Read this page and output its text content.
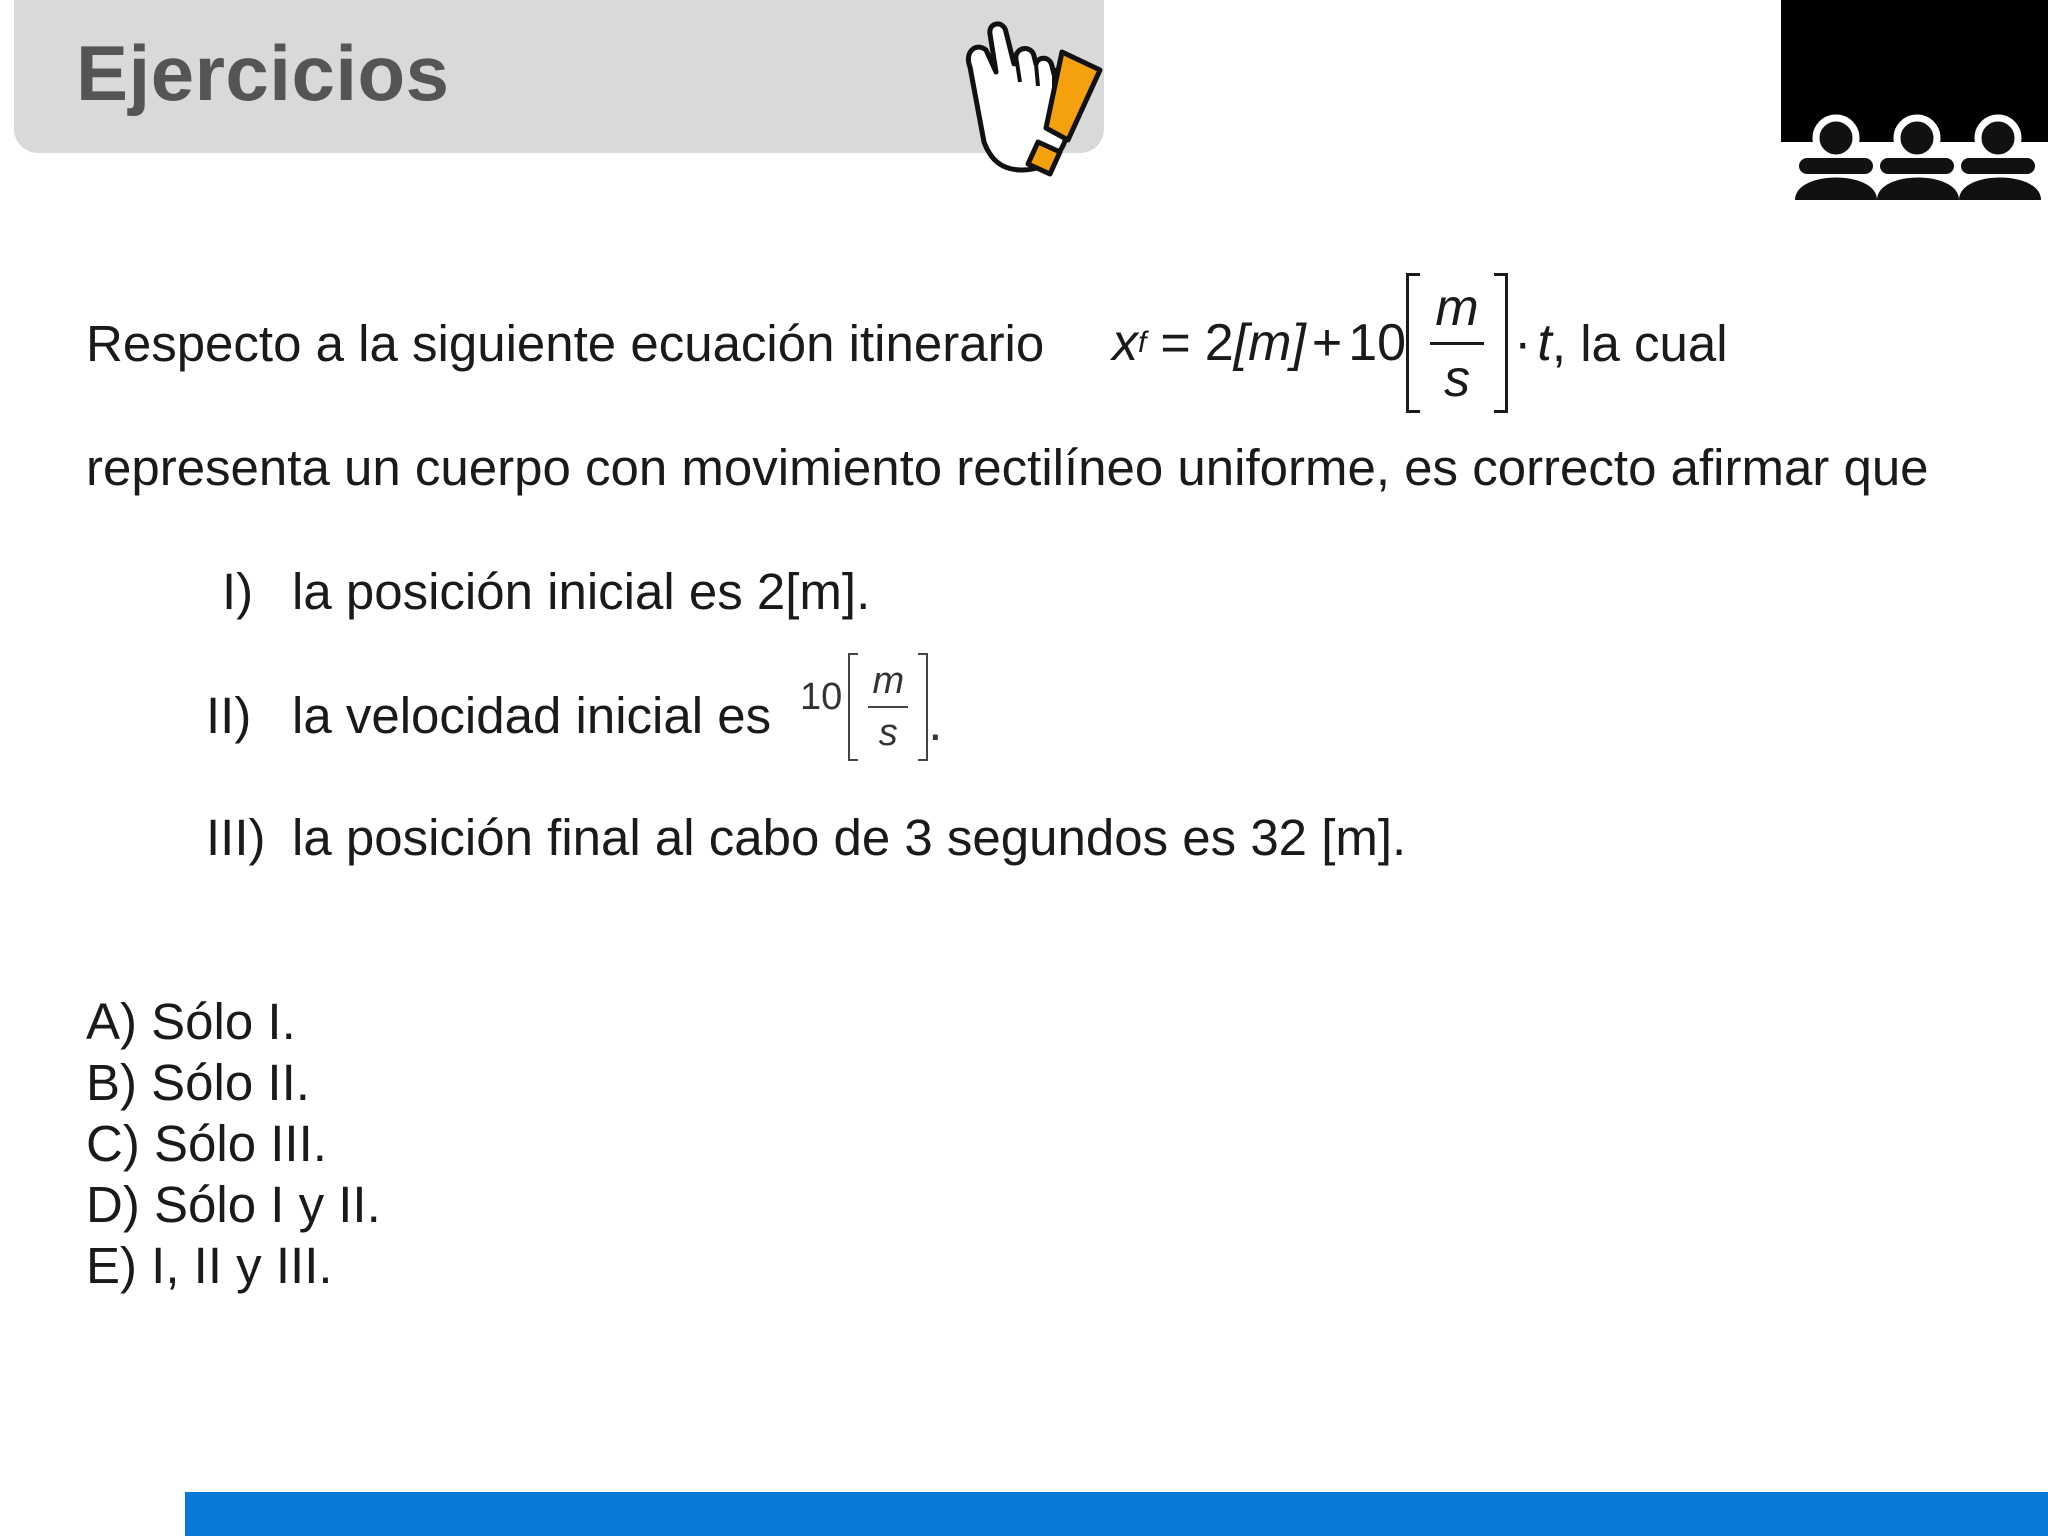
Ejercicios
Respecto a la siguiente ecuación itinerario x f = 2 $[m] + 10 \frac{m}{s} \cdot t$ , la cual
representa un cuerpo con movimiento rectilíneo uniforme, es correcto afirmar que
I) la posición inicial es 2[m].
II) la velocidad inicial es $10 \frac{m}{s}$ .
III) la posición final al cabo de 3 segundos es 32 [m].
A) Sólo I.
B) Sólo II.
C) Sólo III.
D) Sólo I y II.
E) I, II y III.
